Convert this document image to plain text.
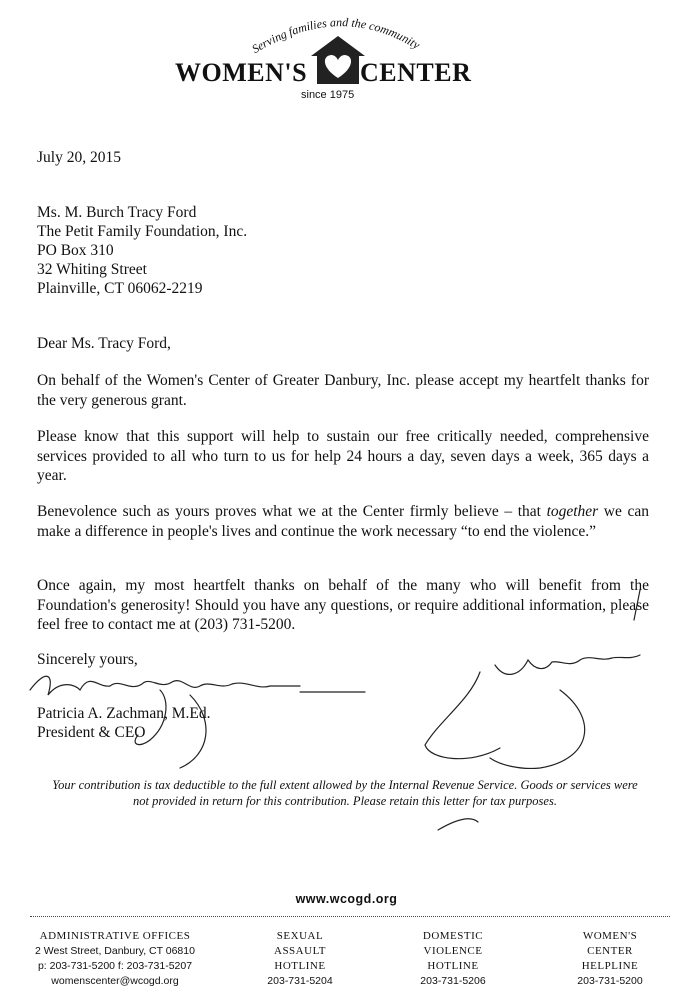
Serving families and the community
WOMEN'S CENTER
since 1975
July 20, 2015
Ms. M. Burch Tracy Ford
The Petit Family Foundation, Inc.
PO Box 310
32 Whiting Street
Plainville, CT 06062-2219
Dear Ms. Tracy Ford,
On behalf of the Women's Center of Greater Danbury, Inc. please accept my heartfelt thanks for the very generous grant.
Please know that this support will help to sustain our free critically needed, comprehensive services provided to all who turn to us for help 24 hours a day, seven days a week, 365 days a year.
Benevolence such as yours proves what we at the Center firmly believe – that together we can make a difference in people's lives and continue the work necessary “to end the violence.”
Once again, my most heartfelt thanks on behalf of the many who will benefit from the Foundation's generosity! Should you have any questions, or require additional information, please feel free to contact me at (203) 731-5200.
Sincerely yours,
Patricia A. Zachman, M.Ed.
President & CEO
Your contribution is tax deductible to the full extent allowed by the Internal Revenue Service. Goods or services were not provided in return for this contribution. Please retain this letter for tax purposes.
www.wcogd.org
ADMINISTRATIVE OFFICES
2 West Street, Danbury, CT 06810
p: 203-731-5200 f: 203-731-5207
womenscenter@wcogd.org
SEXUAL
ASSAULT
HOTLINE
203-731-5204
DOMESTIC
VIOLENCE
HOTLINE
203-731-5206
WOMEN'S
CENTER
HELPLINE
203-731-5200
